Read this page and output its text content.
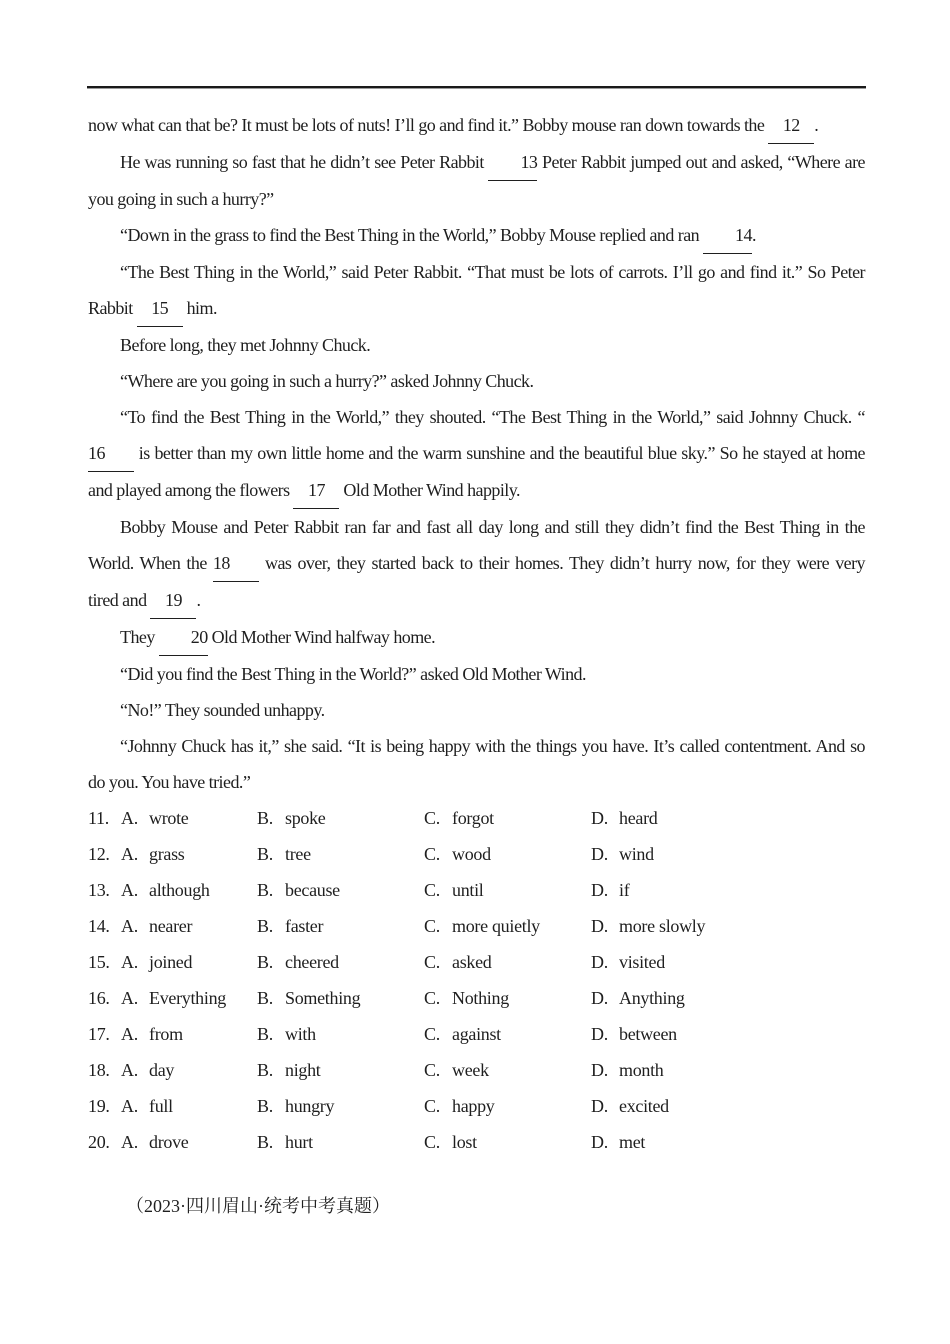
now what can that be? It must be lots of nuts! I’ll go and find it.” Bobby mouse ran down towards the 12 .
He was running so fast that he didn’t see Peter Rabbit 13 Peter Rabbit jumped out and asked, “Where are
you going in such a hurry?”
“Down in the grass to find the Best Thing in the World,” Bobby Mouse replied and ran 14.
“The Best Thing in the World,” said Peter Rabbit. “That must be lots of carrots. I’ll go and find it.” So Peter
Rabbit 15 him.
Before long, they met Johnny Chuck.
“Where are you going in such a hurry?” asked Johnny Chuck.
“To find the Best Thing in the World,” they shouted. “The Best Thing in the World,” said Johnny Chuck. “
16 is better than my own little home and the warm sunshine and the beautiful blue sky.” So he stayed at home
and played among the flowers 17 Old Mother Wind happily.
Bobby Mouse and Peter Rabbit ran far and fast all day long and still they didn’t find the Best Thing in the
World. When the 18 was over, they started back to their homes. They didn’t hurry now, for they were very
tired and 19 .
They 20 Old Mother Wind halfway home.
“Did you find the Best Thing in the World?” asked Old Mother Wind.
“No!” They sounded unhappy.
“Johnny Chuck has it,” she said. “It is being happy with the things you have. It’s called contentment. And so
do you. You have tried.”
11. A. wrote	B. spoke	C. forgot	D. heard
12. A. grass	B. tree	C. wood	D. wind
13. A. although	B. because	C. until	D. if
14. A. nearer	B. faster	C. more quietly	D. more slowly
15. A. joined	B. cheered	C. asked	D. visited
16. A. Everything	B. Something	C. Nothing	D. Anything
17. A. from	B. with	C. against	D. between
18. A. day	B. night	C. week	D. month
19. A. full	B. hungry	C. happy	D. excited
20. A. drove	B. hurt	C. lost	D. met
（2023·四川眉山·统考中考真题）
